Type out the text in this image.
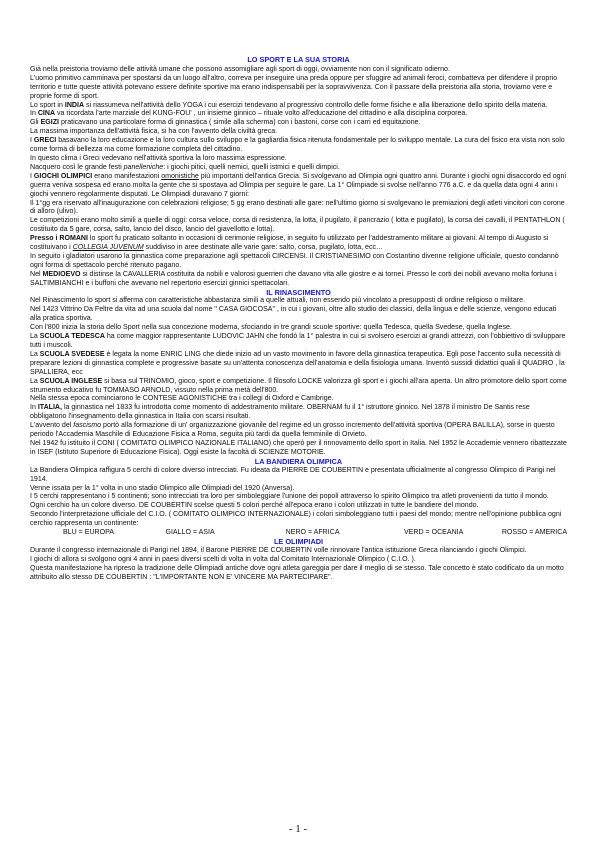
LO SPORT E LA SUA STORIA

Già nella preistoria troviamo delle attività umane che possono assomigliare agli sport di oggi, ovviamente non con il significato odierno.

L'uomo primitivo camminava per spostarsi da un luogo all'altro, correva per inseguire una preda oppure per sfuggire ad animali feroci, combatteva per difendere il proprio territorio e tutte queste attività potevano essere definite sportive ma erano indispensabili per la sopravvivenza. Con il passare della preistoria alla storia, troviamo vere e proprie forme di sport.

Lo sport in INDIA si riassumeva nell'attività dello YOGA i cui esercizi tendevano al progressivo controllo delle forme fisiche e alla liberazione dello spirito della materia.

In CINA va ricordata l'arte marziale del KUNG-FOU' , un insieme ginnico – rituale volto all'educazione del cittadino e alla disciplina corporea.

Gli EGIZI praticavano una particolare forma di ginnastica ( simile alla scherma) con i bastoni, corse con i carri ed equitazione.

La massima importanza dell'attività fisica, si ha con l'avvento della civiltà greca.

I GRECI basavano la loro educazione e la loro cultura sullo sviluppo e la gagliardia fisica ritenuta fondamentale per lo sviluppo mentale. La cura del fisico era vista non solo come forma di bellezza ma come formazione completa del cittadino.

In questo clima i Greci vedevano nell'attività sportiva la loro massima espressione.

Nacquero così le grande festi panelleniche: i giochi pitici, quelli nemici, quelli istmici e quelli dimpici.

I GIOCHI OLIMPICI erano manifestazioni omonistiche più importanti dell'antica Grecia. Si svolgevano ad Olimpia ogni quattro anni. Durante i giochi ogni disaccordo ed ogni guerra veniva sospesa ed erano molta la gente che si spostava ad Olimpia per seguire le gare. La 1° Olimpiade si svolse nell'anno 776 a.C. e da quella data ogni 4 anni i giochi vennero regolarmente disputati. Le Olimpiadi duravano 7 giorni:

Il 1°gg era riservato all'inaugurazione con celebrazioni religiose; 5 gg erano destinati alle gare: nell'ultimo giorno si svolgevano le premiazioni degli atleti vincitori con corone di alloro (ulivo).

Le competizioni erano molto simili a quelle di oggi: corsa veloce, corsa di resistenza, la lotta, il pugilato, il pancrazio ( lotta e pugilato), la corsa dei cavalli, il PENTATHLON ( costituito da 5 gare, corsa, salto, lancio del disco, lancio del giavellotto e lotta).

Presso i ROMANI lo sport fu praticato soltanto in occasioni di cerimonie religiose, in seguito fu utilizzato per l'addestramento militare ai giovani. Al tempo di Augusto si costituivano i COLLEGIA JUVENUM suddiviso in aree destinate alle varie gare: salto, corsa, pugilato, lotta, ecc…

In seguito i gladiatori usarono la ginnastica come preparazione agli spettacoli CIRCENSI. Il CRISTIANESIMO con Costantino divenne religione ufficiale, questo condannò ogni forma di spettacolo perché ritenuto pagano.

Nel MEDIOEVO si distinse la CAVALLERIA costituita da nobili e valorosi guerrieri che davano vita alle giostre e ai tornei. Presso le corti dei nobili avevano molta fortuna i SALTIMBIANCHI e i buffoni che avevano nel repertorio esercizi ginnici spettacolari.

IL RINASCIMENTO

Nel Rinascimento lo sport si afferma con caratteristiche abbastanza simili a quelle attuali, non essendo più vincolato a presupposti di ordine religioso o militare.

Nel 1423 Vittrino Da Feltre da vita ad una scuola dal nome " CASA GIOCOSA" , in cui i giovani, oltre allo studio dei classici, della lingua e delle scienze, vengono educati alla pratica sportiva.

Con l'800 inizia la storia dello Sport nella sua concezione moderna, sfociando in tre grandi scuole sportive: quella Tedesca, quella Svedese, quella Inglese.

La SCUOLA TEDESCA ha come maggior rappresentante LUDOVIC JAHN che fondò la 1° palestra in cui si svolsero esercizi ai grandi attrezzi, con l'obbiettivo di sviluppare tutti i muscoli.

La SCUOLA SVEDESE è legata la nome ENRIC LING che diede inizio ad un vasto movimento in favore della ginnastica terapeutica. Egli pose l'accento sulla necessità di preparare lezioni di ginnastica complete e progressive basate su un'attenta conoscenza dell'anatomia e della fisiologia umana. Inventò sussidi didattici quali il QUADRO , la SPALLIERA, ecc

La SCUOLA INGLESE si basa sul TRINOMIO, gioco, sport e competizione. Il filosofo LOCKE valorizza gli sport e i giochi all'ara aperta. Un altro promotore dello sport come strumento educativo fu TOMMASO ARNOLD, vissuto nella prima metà dell'800.

Nella stessa epoca cominciarono le CONTESE AGONISTICHE tra i collegi di Oxford e Cambrige.

In ITALIA, la ginnastica nel 1833 fu introdotta come momento di addestramento militare. OBERNAM fu il 1° istruttore ginnico. Nel 1878 il ministro De Santis rese obbligatorio l'insegnamento della ginnastica in Italia con scarsi risultati.

L'avvento del fascismo portò alla formazione di un' organizzazione giovanile del regime ed un grosso incremento dell'attività sportiva (OPERA BALILLA), sorse in questo periodo l'Accademia Maschile di Educazione Fisica a Roma, seguita più tardi da quella femminile di Orvieto.

Nel 1942 fu istituito il CONI ( COMITATO OLIMPICO NAZIONALE ITALIANO) che operò per il rinnovamento dello sport in Italia. Nel 1952 le Accademie vennero ribattezzate in ISEF (Istituto Superiore di Educazione Fisica). Oggi esiste la facoltà di SCIENZE MOTORIE.

LA BANDIERA OLIMPICA

La Bandiera Olimpica raffigura 5 cerchi di colore diverso intrecciati. Fu ideata da PIERRE DE COUBERTIN e presentata ufficialmente al congresso Olimpico di Parigi nel 1914.

Venne issata per la 1° volta in uno stadio Olimpico alle Olimpiadi del 1920 (Anversa).

I 5 cerchi rappresentano i 5 continenti; sono intrecciati tra loro per simboleggiare l'unione dei popoli attraverso lo spirito Olimpico tra atleti provenienti da tutto il mondo.

Ogni cerchio ha un colore diverso. DE COUBERTIN scelse questi 5 colori perché all'epoca erano i colori utilizzati in tutte le bandiere del mondo.

Secondo l'interpretazione ufficiale del C.I.O. ( COMITATO OLIMPICO INTERNAZIONALE) i colori simboleggiano tutti i paesi del mondo; mentre nell'opinione pubblica ogni cerchio rappresenta un continente:

BLU = EUROPA	GIALLO = ASIA	NERO = AFRICA	VERD = OCEANIA	ROSSO = AMERICA
LE OLIMPIADI

Durante il congresso internazionale di Parigi nel 1894, il Barone PIERRE DE COUBERTIN volle rinnovare l'antica istituzione Greca rilanciando i giochi Olimpici.

I giochi di allora si svolgono ogni 4 anni in paesi diversi scelti di volta in volta dal Comitato Internazionale Olimpico ( C.I.O. ).

Questa manifestazione ha ripreso la tradizione delle Olimpiadi antiche dove ogni atleta gareggia per dare il meglio di se stesso. Tale concetto è stato codificato da un motto attribuito allo stesso DE COUBERTIN : "L'IMPORTANTE NON E' VINCERE MA PARTECIPARE".

- 1 -
